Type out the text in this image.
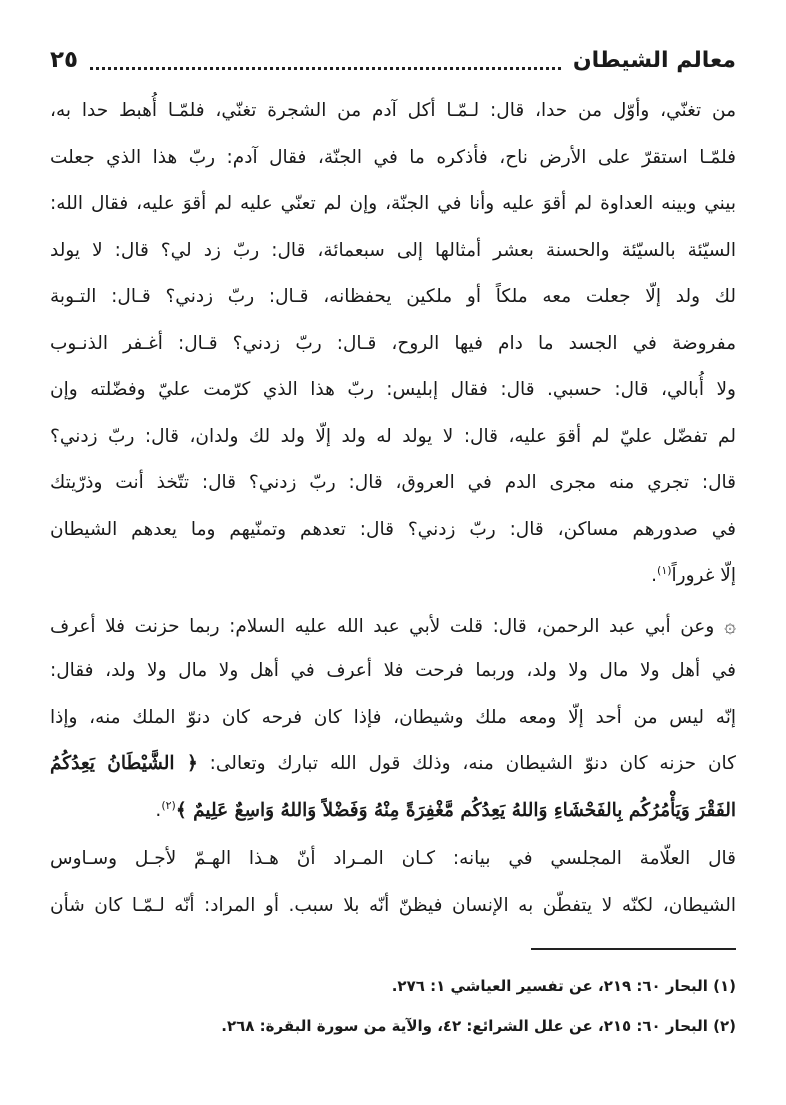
معالم الشيطان
٢٥
من تغنّي، وأوّل من حدا، قال: لـمّـا أكل آدم من الشجرة تغنّي، فلمّـا أُهبط حدا به،
فلمّـا استقرّ على الأرض ناح، فأذكره ما في الجنّة، فقال آدم: ربّ هذا الذي جعلت
بيني وبينه العداوة لم أقوَ عليه وأنا في الجنّة، وإن لم تعنّي عليه لم أقوَ عليه، فقال الله:
السيّئة بالسيّئة والحسنة بعشر أمثالها إلى سبعمائة، قال: ربّ زد لي؟ قال: لا يولد
لك ولد إلّا جعلت معه ملكاً أو ملكين يحفظانه، قـال: ربّ زدني؟ قـال: التـوبة
مفروضة في الجسد ما دام فيها الروح، قـال: ربّ زدني؟ قـال: أغـفر الذنـوب
ولا أُبالي، قال: حسبي. قال: فقال إبليس: ربّ هذا الذي كرّمت عليّ وفضّلته وإن
لم تفضّل عليّ لم أقوَ عليه، قال: لا يولد له ولد إلّا ولد لك ولدان، قال: ربّ زدني؟
قال: تجري منه مجرى الدم في العروق، قال: ربّ زدني؟ قال: تتّخذ أنت وذرّيتك
في صدورهم مساكن، قال: ربّ زدني؟ قال: تعدهم وتمنّيهم وما يعدهم الشيطان
إلّا غروراً$^{(١)}$.
۞وعن أبي عبد الرحمن، قال: قلت لأبي عبد الله عليه السلام: ربما حزنت فلا أعرف
في أهل ولا مال ولا ولد، وربما فرحت فلا أعرف في أهل ولا مال ولا ولد، فقال:
إنّه ليس من أحد إلّا ومعه ملك وشيطان، فإذا كان فرحه كان دنوّ الملك منه، وإذا
كان حزنه كان دنوّ الشيطان منه، وذلك قول الله تبارك وتعالى: ﴿ الشَّيْطَانُ يَعِدُكُمُ
الفَقْرَ وَيَأْمُرُكُم بِالفَحْشَاءِ وَاللهُ يَعِدُكُم مَّغْفِرَةً مِنْهُ وَفَضْلاً وَاللهُ وَاسِعٌ عَلِيمٌ ﴾$^{(٢)}$.
قال العلّامة المجلسي في بيانه: كـان المـراد أنّ هـذا الهـمّ لأجـل وسـاوس
الشيطان، لكنّه لا يتفطّن به الإنسان فيظنّ أنّه بلا سبب. أو المراد: أنّه لـمّـا كان شأن
(١) البحار ٦٠: ٢١٩، عن تفسير العياشي ١: ٢٧٦.
(٢) البحار ٦٠: ٢١٥، عن علل الشرائع: ٤٢، والآية من سورة البقرة: ٢٦٨.
